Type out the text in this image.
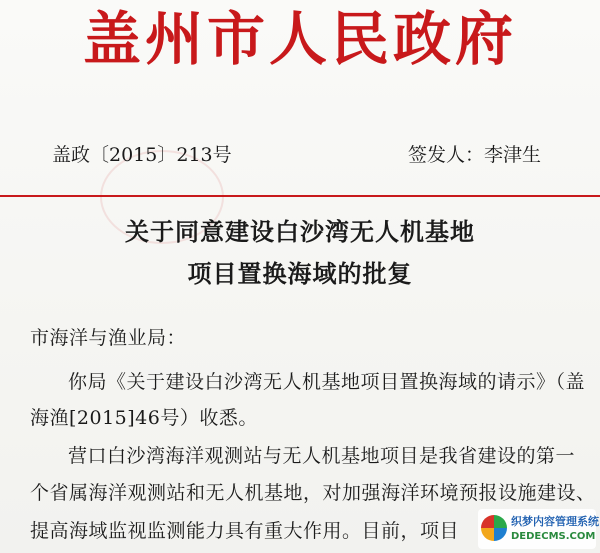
盖州市人民政府
盖政〔2015〕213号	签发人：李津生
关于同意建设白沙湾无人机基地
项目置换海域的批复
市海洋与渔业局：
你局《关于建设白沙湾无人机基地项目置换海域的请示》（盖
海渔[2015]46号）收悉。
营口白沙湾海洋观测站与无人机基地项目是我省建设的第一
个省属海洋观测站和无人机基地，对加强海洋环境预报设施建设、
提高海域监视监测能力具有重大作用。目前，项目	织梦内容管理系统
DEDECMS.COM
